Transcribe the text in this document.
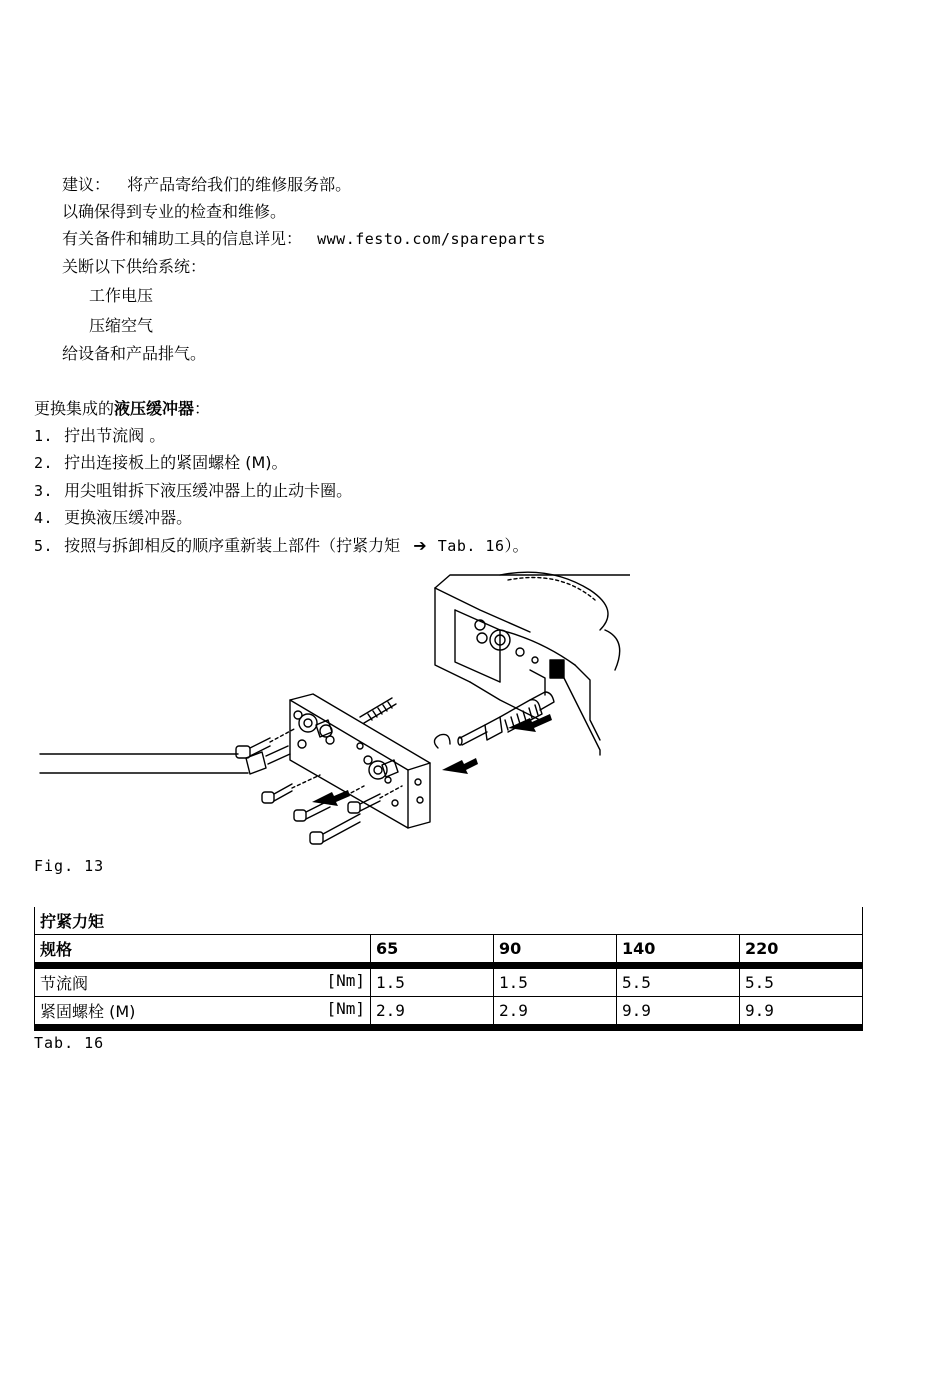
建议： 将产品寄给我们的维修服务部。
以确保得到专业的检查和维修。
有关备件和辅助工具的信息详见： www.festo.com/spareparts
关断以下供给系统：
工作电压
压缩空气
给设备和产品排气。
更换集成的液压缓冲器：
1. 拧出节流阀 。
2. 拧出连接板上的紧固螺栓 (M)。
3. 用尖咀钳拆下液压缓冲器上的止动卡圈。
4. 更换液压缓冲器。
5. 按照与拆卸相反的顺序重新装上部件（拧紧力矩 ➔ Tab. 16）。
Fig. 13
拧紧力矩				
规格	65	90	140	220
节流阀 [Nm]	1.5	1.5	5.5	5.5
紧固螺栓 (M) [Nm]	2.9	2.9	9.9	9.9
Tab. 16
